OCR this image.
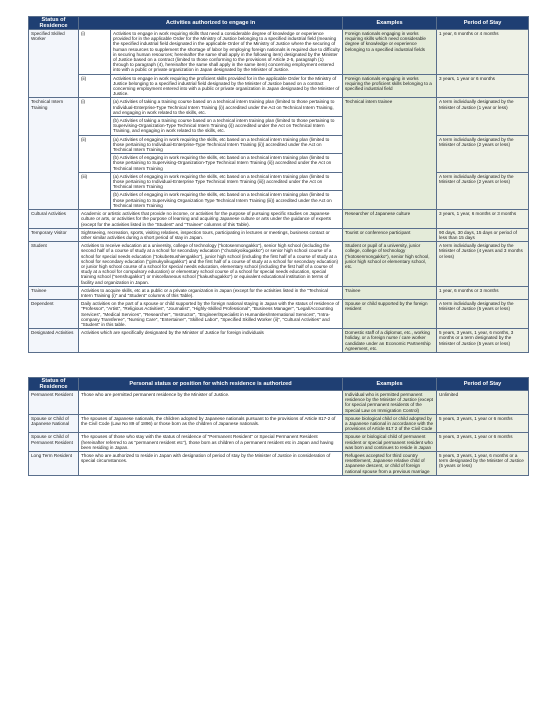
Status of Residence	Activities authorized to engage in		Examples	Period of Stay
Specified Skilled Worker	(i)	Activities to engage in work requiring skills that need a considerable degree of knowledge or experience provided for in the applicable Order for the Ministry of Justice belonging to a specified industrial field (meaning the specified industrial field designated in the applicable Order of the Ministry of Justice where the securing of human resources to supplement the shortage of labor by employing foreign nationals is required due to difficulty in securing human resources; hereinafter the same shall apply in the following item) designated by the Minister of Justice based on a contract (limited to those conforming to the provisions of Article 2-5, paragraph (1) through to paragraph (4), hereinafter the same shall apply in the same item) concerning employment entered into with a public or private organization in Japan designated by the Minister of Justice.	Foreign nationals engaging in works requiring skills which need considerable degree of knowledge or experience belonging to a specified industrial fields	1 year, 6 months or 4 months
	(ii)	Activities to engage in work requiring the proficient skills provided for in the applicable Order for the Ministry of Justice belonging to a specified industrial field designated by the Minister of Justice based on a contract concerning employment entered into with a public or private organization in Japan designated by the Minister of Justice.	Foreign nationals engaging in works requiring the proficient skills belonging to a specified industrial field	3 years, 1 year or 6 months
Technical Intern Training	(i)	(a) Activities of taking a training course based on a technical intern training plan (limited to those pertaining to Individual-Enterprise-Type Technical Intern Training (i)) accredited under the Act on Technical Intern Training, and engaging in work related to the skills, etc.
(b) Activities of taking a training course based on a technical intern training plan (limited to those pertaining to Supervising-Organization-Type Technical Intern Training (i)) accredited under the Act on Technical Intern Training, and engaging in work related to the skills, etc.	Technical intern trainee	A term individually designated by the Minister of Justice (1 year or less)
	(ii)	(a) Activities of engaging in work requiring the skills, etc based on a technical intern training plan (limited to those pertaining to Individual-Enterprise-Type Technical Intern Training (ii)) accredited under the Act on Technical Intern Training
(b) Activities of engaging in work requiring the skills, etc based on a technical intern training plan (limited to those pertaining to Supervising-Organization-Type Technical Intern Training (ii)) accredited under the Act on Technical Intern Training		A term individually designated by the Minister of Justice (2 years or less)
	(iii)	(a) Activities of engaging in work requiring the skills, etc based on a technical intern training plan (limited to those pertaining to Individual-Enterprise Type Technical Intern Training (iii)) accredited under the Act on Technical Intern Training
(b) Activities of engaging in work requiring the skills, etc based on a technical intern training plan (limited to those pertaining to Supervising Organization Type Technical Intern Training (iii)) accredited under the Act on Technical Intern Training		A term individually designated by the Minister of Justice (2 years or less)
Cultural Activities	Academic or artistic activities that provide no income, or activities for the purpose of pursuing specific studies on Japanese culture or arts, or activities for the purpose of learning and acquiring Japanese culture or arts under the guidance of experts (except for the activities listed in the "Student" and "Trainee" columns of this Table).		Researcher of Japanese culture	3 years, 1 year, 6 months or 3 months
Temporary Visitor	Sightseeing, recreation, sports, visiting relatives, inspection tours, participating in lectures or meetings, business contact or other similar activities during a short period of stay in Japan.		Tourist or conference participant	90 days, 30 days, 15 days or period of less than 15 days
Student	Activities to receive education at a university, college of technology ("kotosenmongakko"), senior high school (including the second half of a course of study at a school for secondary education ("chutokyoikugakko") or senior high school course of a school for special needs education ("tokubetsushiengakko"), junior high school (including the first half of a course of study at a school for secondary education ("gimukyoikugakko") and the first half of a course of study at a school for secondary education) or junior high school course of a school for special needs education, elementary school (including the first half of a course of study at a school for compulsory education) or elementary school course of a school for special needs education, special training school ("senshugakko") or miscellaneous school ("kakushugakko") or equivalent educational institution in terms of facility and organization in Japan.		Student or pupil of a university, junior college, college of technology ("kotosenmongakko"), senior high school, junior high school or elementary school, etc.	A term individually designated by the Minister of Justice (4 years and 3 months or less)
Trainee	Activities to acquire skills, etc at a public or a private organization in Japan (except for the activities listed in the "Technical Intern Training (i)" and "Student" columns of this Table).		Trainee	1 year, 6 months or 3 months
Dependent	Daily activities on the part of a spouse or child supported by the foreign national staying in Japan with the status of residence of "Professor", "Artist", "Religious Activities", "Journalist", "Highly-Skilled Professional", "Business Manager", "Legal/Accounting Services", "Medical Services", "Researcher", "Instructor", "Engineer/Specialist in Humanities/International Services", "Intra-company Transferee", "Nursing Care", "Entertainer", "Skilled Labor", "Specified Skilled Worker (ii)", "Cultural Activities" and "Student" in this table.		Spouse or child supported by the foreign resident	A term individually designated by the Minister of Justice (5 years or less)
Designated Activities	Activities which are specifically designated by the Minister of Justice for foreign individuals		Domestic staff of a diplomat, etc., working holiday, or a foreign nurse / care worker candidate under an Economic Partnership Agreement, etc.	5 years, 3 years, 1 year, 6 months, 3 months or a term designated by the Minister of Justice (5 years or less)
Status of Residence	Personal status or position for which residence is authorized	Examples	Period of Stay
Permanent Resident	Those who are permitted permanent residence by the Minister of Justice.	Individual who is permitted permanent residence by the Minister of Justice (except for special permanent residents of the Special Law on Immigration Control)	Unlimited
Spouse or Child of Japanese National	The spouses of Japanese nationals, the children adopted by Japanese nationals pursuant to the provisions of Article 817-2 of the Civil Code (Law No 89 of 1896) or those born as the children of Japanese nationals.	Spouse biological child or child adopted by a Japanese national in accordance with the provisions of Article 817 2 of the Civil Code	5 years, 3 years, 1 year or 6 months
Spouse or Child of Permanent Resident	The spouses of those who stay with the status of residence of "Permanent Resident" or Special Permanent Resident (hereinafter referred to as "permanent resident etc"), those born as children of a permanent resident etc in Japan and having been residing in Japan.	Spouse or biological child of permanent resident or special permanent resident who was born and continues to reside in Japan	5 years, 3 years, 1 year or 6 months
Long Term Resident	Those who are authorized to reside in Japan with designation of period of stay by the Minister of Justice in consideration of special circumstances.	Refugees accepted for third country resettlement, Japanese relative child of Japanese descent, or child of foreign national spouse from a previous marriage	5 years, 3 years, 1 year, 6 months or a term designated by the Minister of Justice (5 years or less)
